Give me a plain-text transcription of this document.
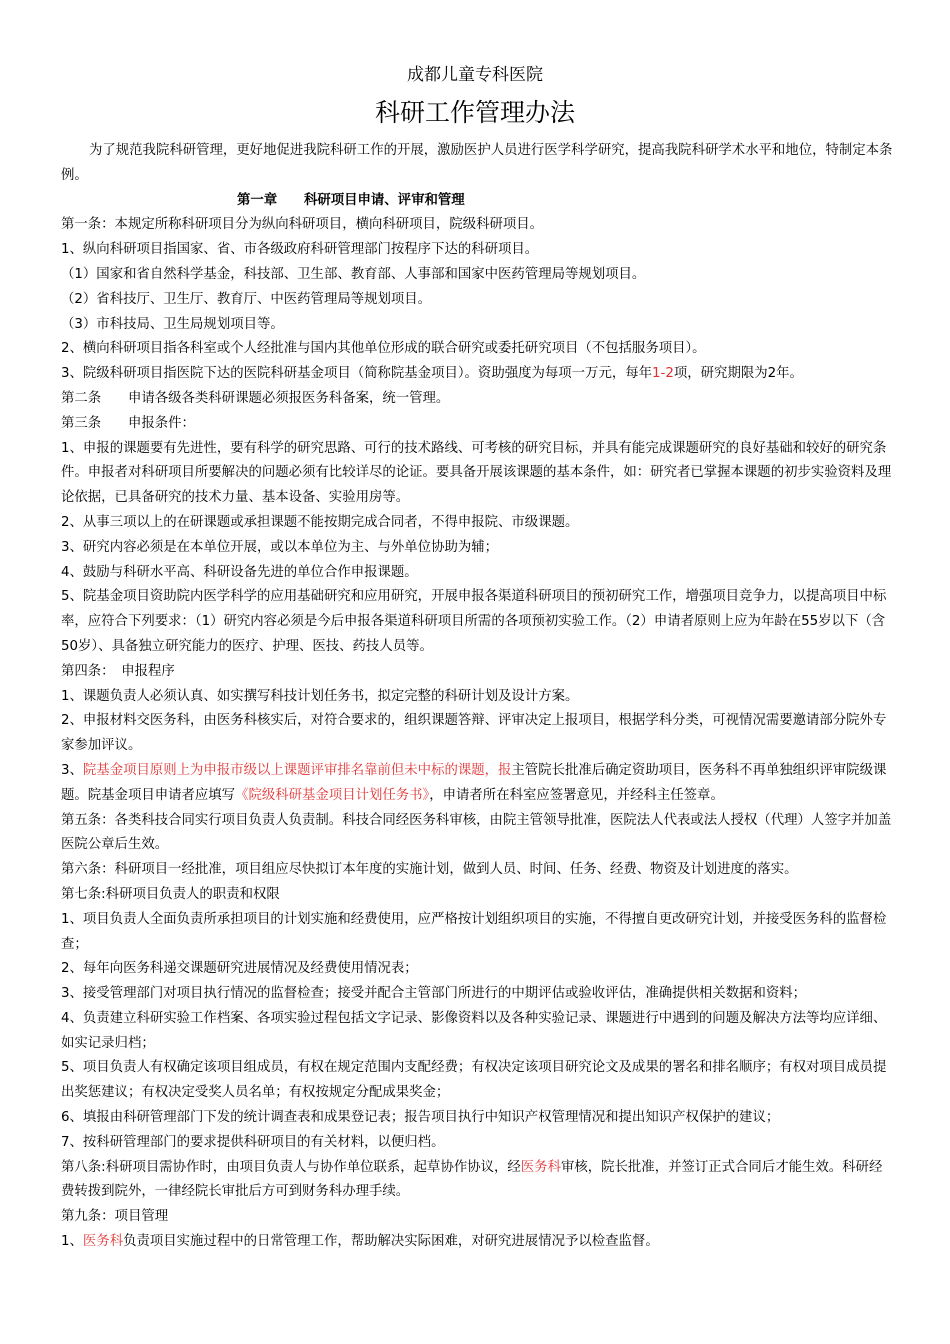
成都儿童专科医院
科研工作管理办法

为了规范我院科研管理，更好地促进我院科研工作的开展，激励医护人员进行医学科学研究，提高我院科研学术水平和地位，特制定本条例。

第一章　　科研项目申请、评审和管理

第一条：本规定所称科研项目分为纵向科研项目，横向科研项目，院级科研项目。

1、纵向科研项目指国家、省、市各级政府科研管理部门按程序下达的科研项目。

（1）国家和省自然科学基金，科技部、卫生部、教育部、人事部和国家中医药管理局等规划项目。

（2）省科技厅、卫生厅、教育厅、中医药管理局等规划项目。

（3）市科技局、卫生局规划项目等。

2、横向科研项目指各科室或个人经批准与国内其他单位形成的联合研究或委托研究项目（不包括服务项目）。

3、院级科研项目指医院下达的医院科研基金项目（简称院基金项目）。资助强度为每项一万元，每年1-2项，研究期限为2年。

第二条　　申请各级各类科研课题必须报医务科备案，统一管理。

第三条　　申报条件：

1、申报的课题要有先进性，要有科学的研究思路、可行的技术路线、可考核的研究目标，并具有能完成课题研究的良好基础和较好的研究条件。申报者对科研项目所要解决的问题必须有比较详尽的论证。要具备开展该课题的基本条件，如：研究者已掌握本课题的初步实验资料及理论依据，已具备研究的技术力量、基本设备、实验用房等。

2、从事三项以上的在研课题或承担课题不能按期完成合同者，不得申报院、市级课题。

3、研究内容必须是在本单位开展，或以本单位为主、与外单位协助为辅；

4、鼓励与科研水平高、科研设备先进的单位合作申报课题。

5、院基金项目资助院内医学科学的应用基础研究和应用研究，开展申报各渠道科研项目的预初研究工作，增强项目竞争力，以提高项目中标率，应符合下列要求：（1）研究内容必须是今后申报各渠道科研项目所需的各项预初实验工作。（2）申请者原则上应为年龄在55岁以下（含50岁）、具备独立研究能力的医疗、护理、医技、药技人员等。

第四条：　申报程序

1、课题负责人必须认真、如实撰写科技计划任务书，拟定完整的科研计划及设计方案。

2、申报材料交医务科，由医务科核实后，对符合要求的，组织课题答辩、评审决定上报项目，根据学科分类，可视情况需要邀请部分院外专家参加评议。

3、院基金项目原则上为申报市级以上课题评审排名靠前但未中标的课题，报主管院长批准后确定资助项目，医务科不再单独组织评审院级课题。院基金项目申请者应填写《院级科研基金项目计划任务书》，申请者所在科室应签署意见，并经科主任签章。

第五条：各类科技合同实行项目负责人负责制。科技合同经医务科审核，由院主管领导批准，医院法人代表或法人授权（代理）人签字并加盖医院公章后生效。

第六条：科研项目一经批准，项目组应尽快拟订本年度的实施计划，做到人员、时间、任务、经费、物资及计划进度的落实。

第七条:科研项目负责人的职责和权限

1、项目负责人全面负责所承担项目的计划实施和经费使用，应严格按计划组织项目的实施，不得擅自更改研究计划，并接受医务科的监督检查；

2、每年向医务科递交课题研究进展情况及经费使用情况表；

3、接受管理部门对项目执行情况的监督检查；接受并配合主管部门所进行的中期评估或验收评估，准确提供相关数据和资料；

4、负责建立科研实验工作档案、各项实验过程包括文字记录、影像资料以及各种实验记录、课题进行中遇到的问题及解决方法等均应详细、如实记录归档；

5、项目负责人有权确定该项目组成员，有权在规定范围内支配经费；有权决定该项目研究论文及成果的署名和排名顺序；有权对项目成员提出奖惩建议；有权决定受奖人员名单；有权按规定分配成果奖金；

6、填报由科研管理部门下发的统计调查表和成果登记表；报告项目执行中知识产权管理情况和提出知识产权保护的建议；

7、按科研管理部门的要求提供科研项目的有关材料，以便归档。

第八条:科研项目需协作时，由项目负责人与协作单位联系，起草协作协议，经医务科审核，院长批准，并签订正式合同后才能生效。科研经费转拨到院外，一律经院长审批后方可到财务科办理手续。

第九条：项目管理

1、医务科负责项目实施过程中的日常管理工作，帮助解决实际困难，对研究进展情况予以检查监督。
